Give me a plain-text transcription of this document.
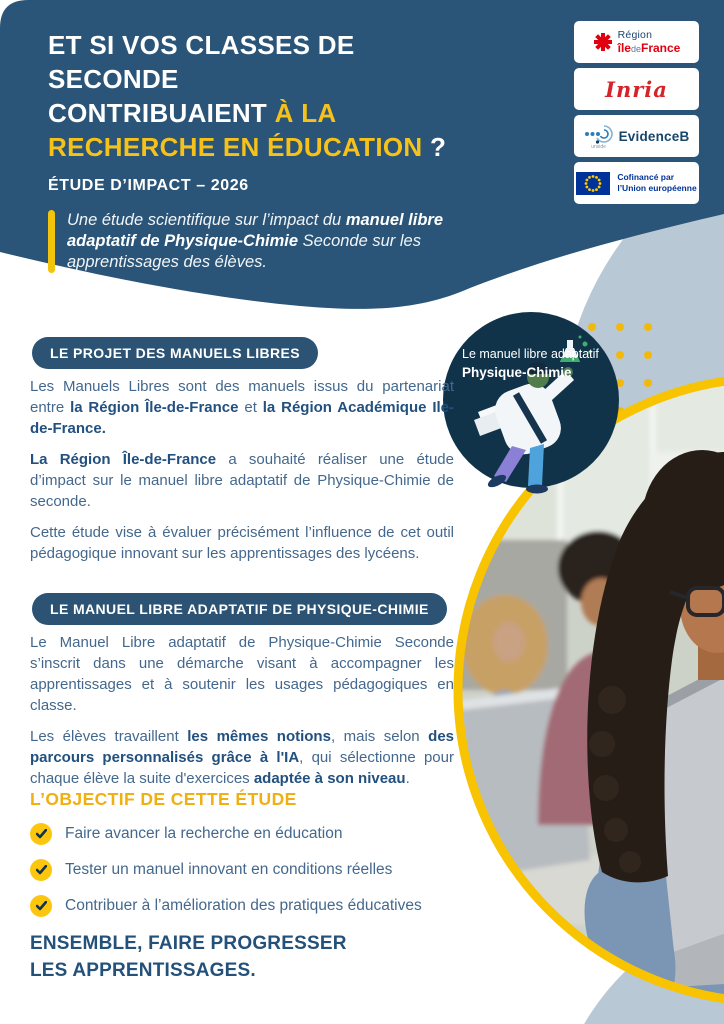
ET SI VOS CLASSES DE SECONDE
CONTRIBUAIENT À LA
RECHERCHE EN ÉDUCATION ?
ÉTUDE D’IMPACT – 2026

Une étude scientifique sur l’impact du manuel libre adaptatif de Physique-Chimie Seconde sur les apprentissages des élèves.

Région
îledeFrance
Inria
unside
EvidenceB
Cofinancé par
l’Union européenne
Le manuel libre adaptatif
Physique-Chimie
LE PROJET DES MANUELS LIBRES

Les Manuels Libres sont des manuels issus du partenariat entre la Région Île-de-France et la Région Académique Ile-de-France.

La Région Île-de-France a souhaité réaliser une étude d’impact sur le manuel libre adaptatif de Physique-Chimie de seconde.

Cette étude vise à évaluer précisément l’influence de cet outil pédagogique innovant sur les apprentissages des lycéens.

LE MANUEL LIBRE ADAPTATIF DE PHYSIQUE-CHIMIE

Le Manuel Libre adaptatif de Physique-Chimie Seconde s’inscrit dans une démarche visant à accompagner les apprentissages et à soutenir les usages pédagogiques en classe.

Les élèves travaillent les mêmes notions, mais selon des parcours personnalisés grâce à l'IA, qui sélectionne pour chaque élève la suite d'exercices adaptée à son niveau.

L’OBJECTIF DE CETTE ÉTUDE
Faire avancer la recherche en éducation
Tester un manuel innovant en conditions réelles
Contribuer à l’amélioration des pratiques éducatives
ENSEMBLE, FAIRE PROGRESSER
LES APPRENTISSAGES.
